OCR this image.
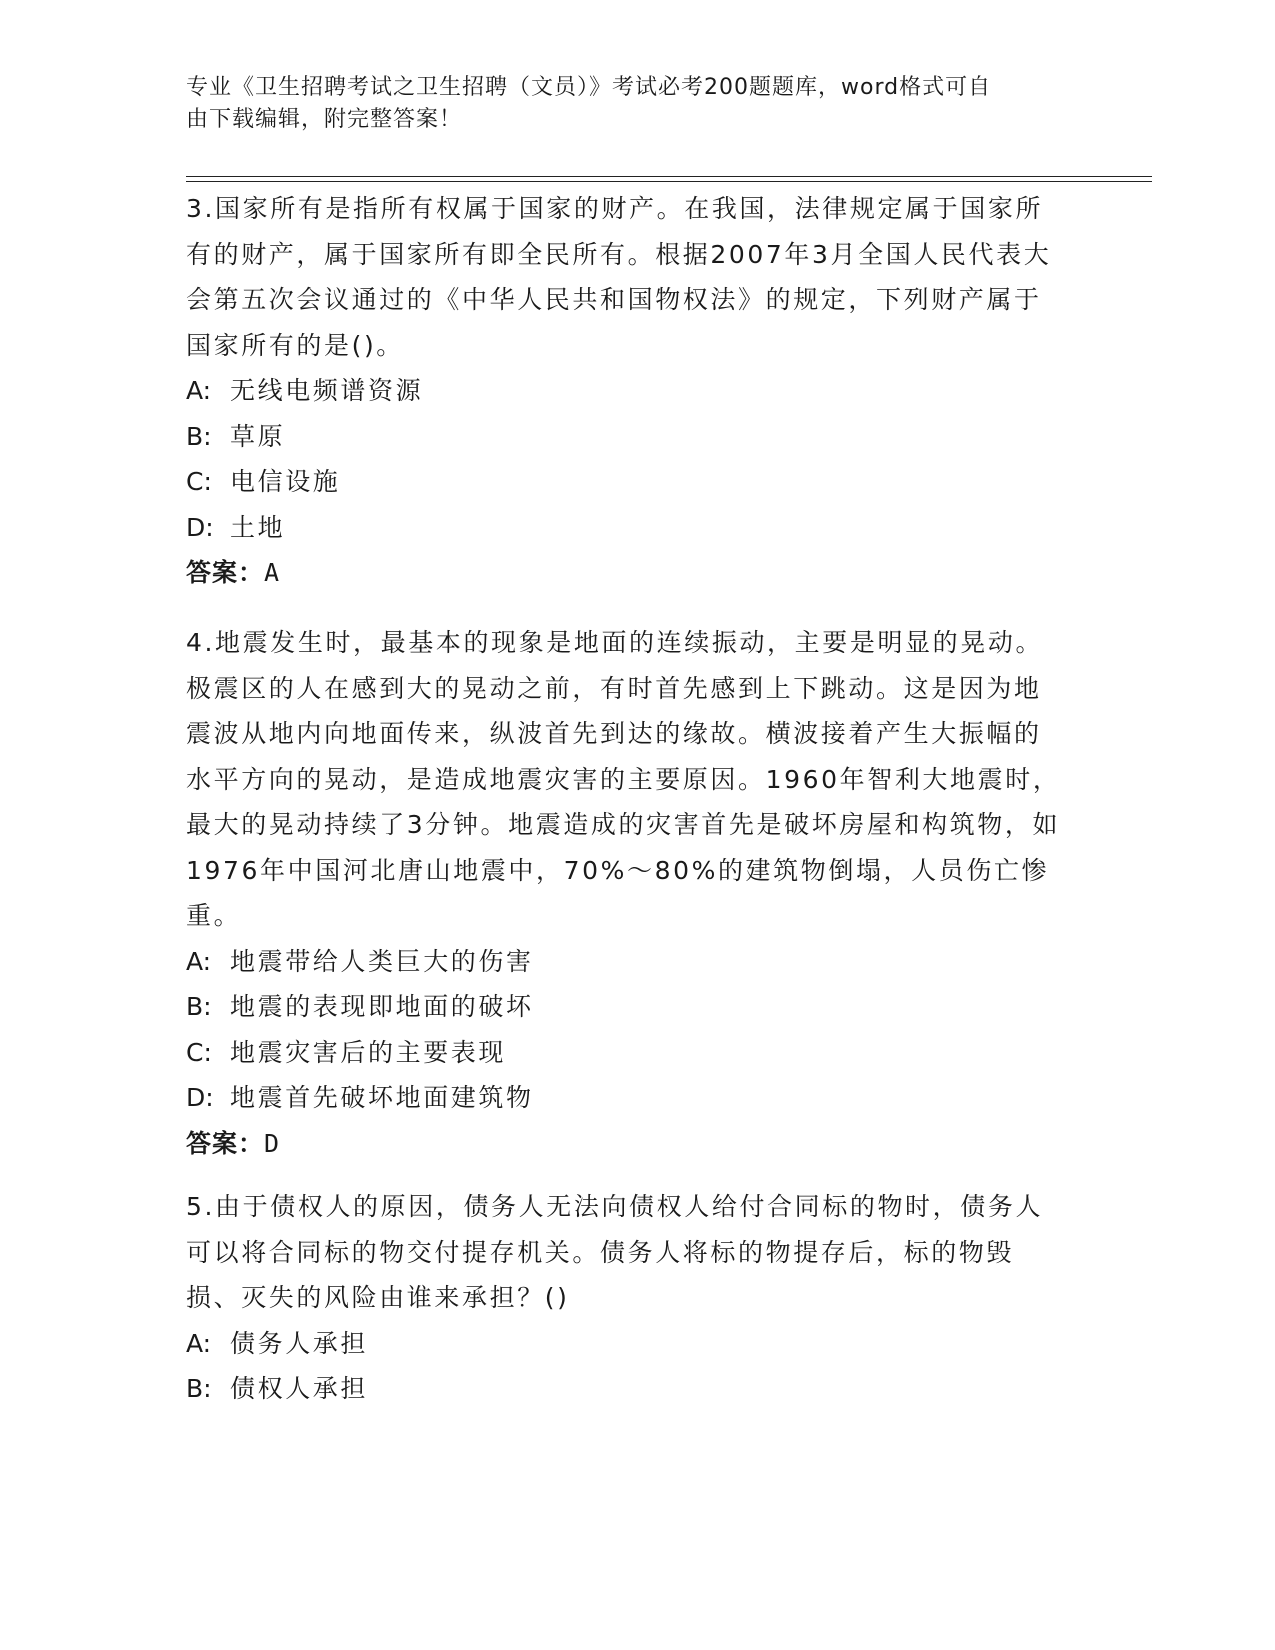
专业《卫生招聘考试之卫生招聘（文员）》考试必考200题题库，word格式可自
由下载编辑，附完整答案！

3.国家所有是指所有权属于国家的财产。在我国，法律规定属于国家所有的财产，属于国家所有即全民所有。根据2007年3月全国人民代表大会第五次会议通过的《中华人民共和国物权法》的规定，下列财产属于国家所有的是()。

A: 无线电频谱资源
B: 草原
C: 电信设施
D: 土地
答案：A

4.地震发生时，最基本的现象是地面的连续振动，主要是明显的晃动。极震区的人在感到大的晃动之前，有时首先感到上下跳动。这是因为地震波从地内向地面传来，纵波首先到达的缘故。横波接着产生大振幅的水平方向的晃动，是造成地震灾害的主要原因。1960年智利大地震时，最大的晃动持续了3分钟。地震造成的灾害首先是破坏房屋和构筑物，如1976年中国河北唐山地震中，70%～80%的建筑物倒塌，人员伤亡惨重。

A: 地震带给人类巨大的伤害
B: 地震的表现即地面的破坏
C: 地震灾害后的主要表现
D: 地震首先破坏地面建筑物
答案：D

5.由于债权人的原因，债务人无法向债权人给付合同标的物时，债务人可以将合同标的物交付提存机关。债务人将标的物提存后，标的物毁损、灭失的风险由谁来承担？()

A: 债务人承担
B: 债权人承担
